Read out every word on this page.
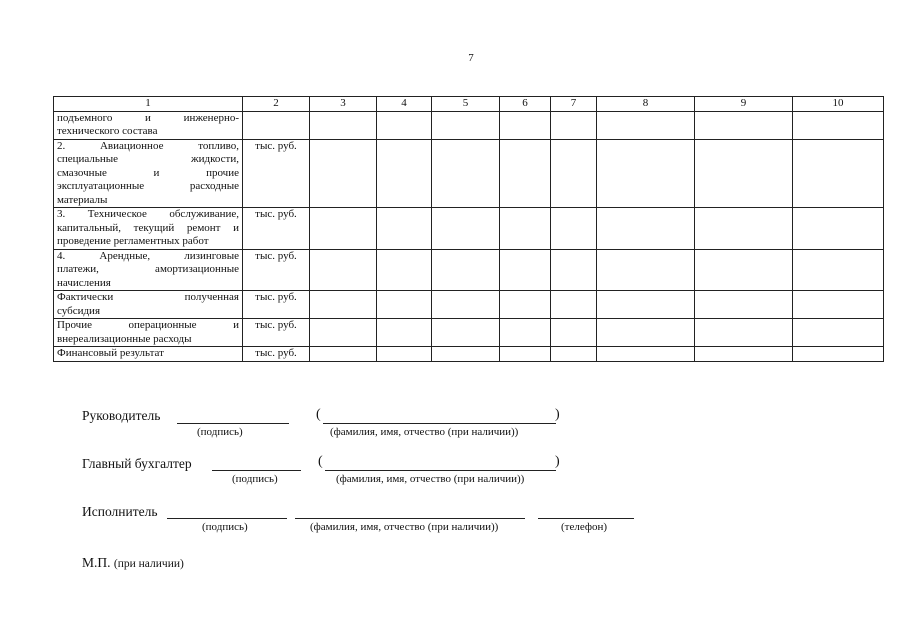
7
1	2	3	4	5	6	7	8	9	10

подъемного и инженерно-
технического состава									

2. Авиационное топливо,
специальные жидкости,
смазочные и прочие
эксплуатационные расходные
материалы	тыс. руб.								

3. Техническое обслуживание,
капитальный, текущий ремонт и
проведение регламентных работ	тыс. руб.								

4. Арендные, лизинговые
платежи, амортизационные
начисления	тыс. руб.								

Фактически полученная
субсидия	тыс. руб.								

Прочие операционные и
внереализационные расходы	тыс. руб.								

Финансовый результат	тыс. руб.								
Руководитель
(подпись)
(	)
(фамилия, имя, отчество (при наличии))
Главный бухгалтер
(подпись)
(	)
(фамилия, имя, отчество (при наличии))
Исполнитель
(подпись)	(фамилия, имя, отчество (при наличии))	(телефон)
М.П. (при наличии)
